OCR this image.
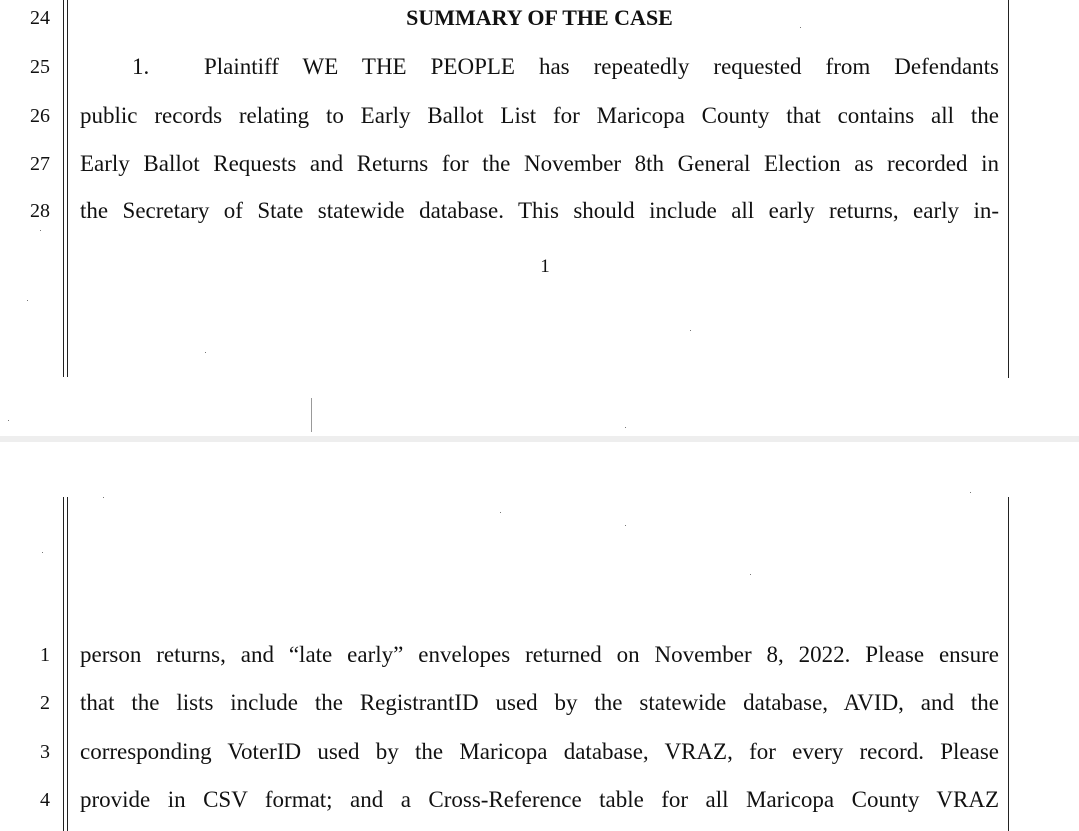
24
25
26
27
28
SUMMARY OF THE CASE
1. Plaintiff WE THE PEOPLE has repeatedly requested from Defendants
public records relating to Early Ballot List for Maricopa County that contains all the
Early Ballot Requests and Returns for the November 8th General Election as recorded in
the Secretary of State statewide database. This should include all early returns, early in-
1
1
2
3
4
person returns, and “late early” envelopes returned on November 8, 2022. Please ensure
that the lists include the RegistrantID used by the statewide database, AVID, and the
corresponding VoterID used by the Maricopa database, VRAZ, for every record. Please
provide in CSV format; and a Cross-Reference table for all Maricopa County VRAZ
